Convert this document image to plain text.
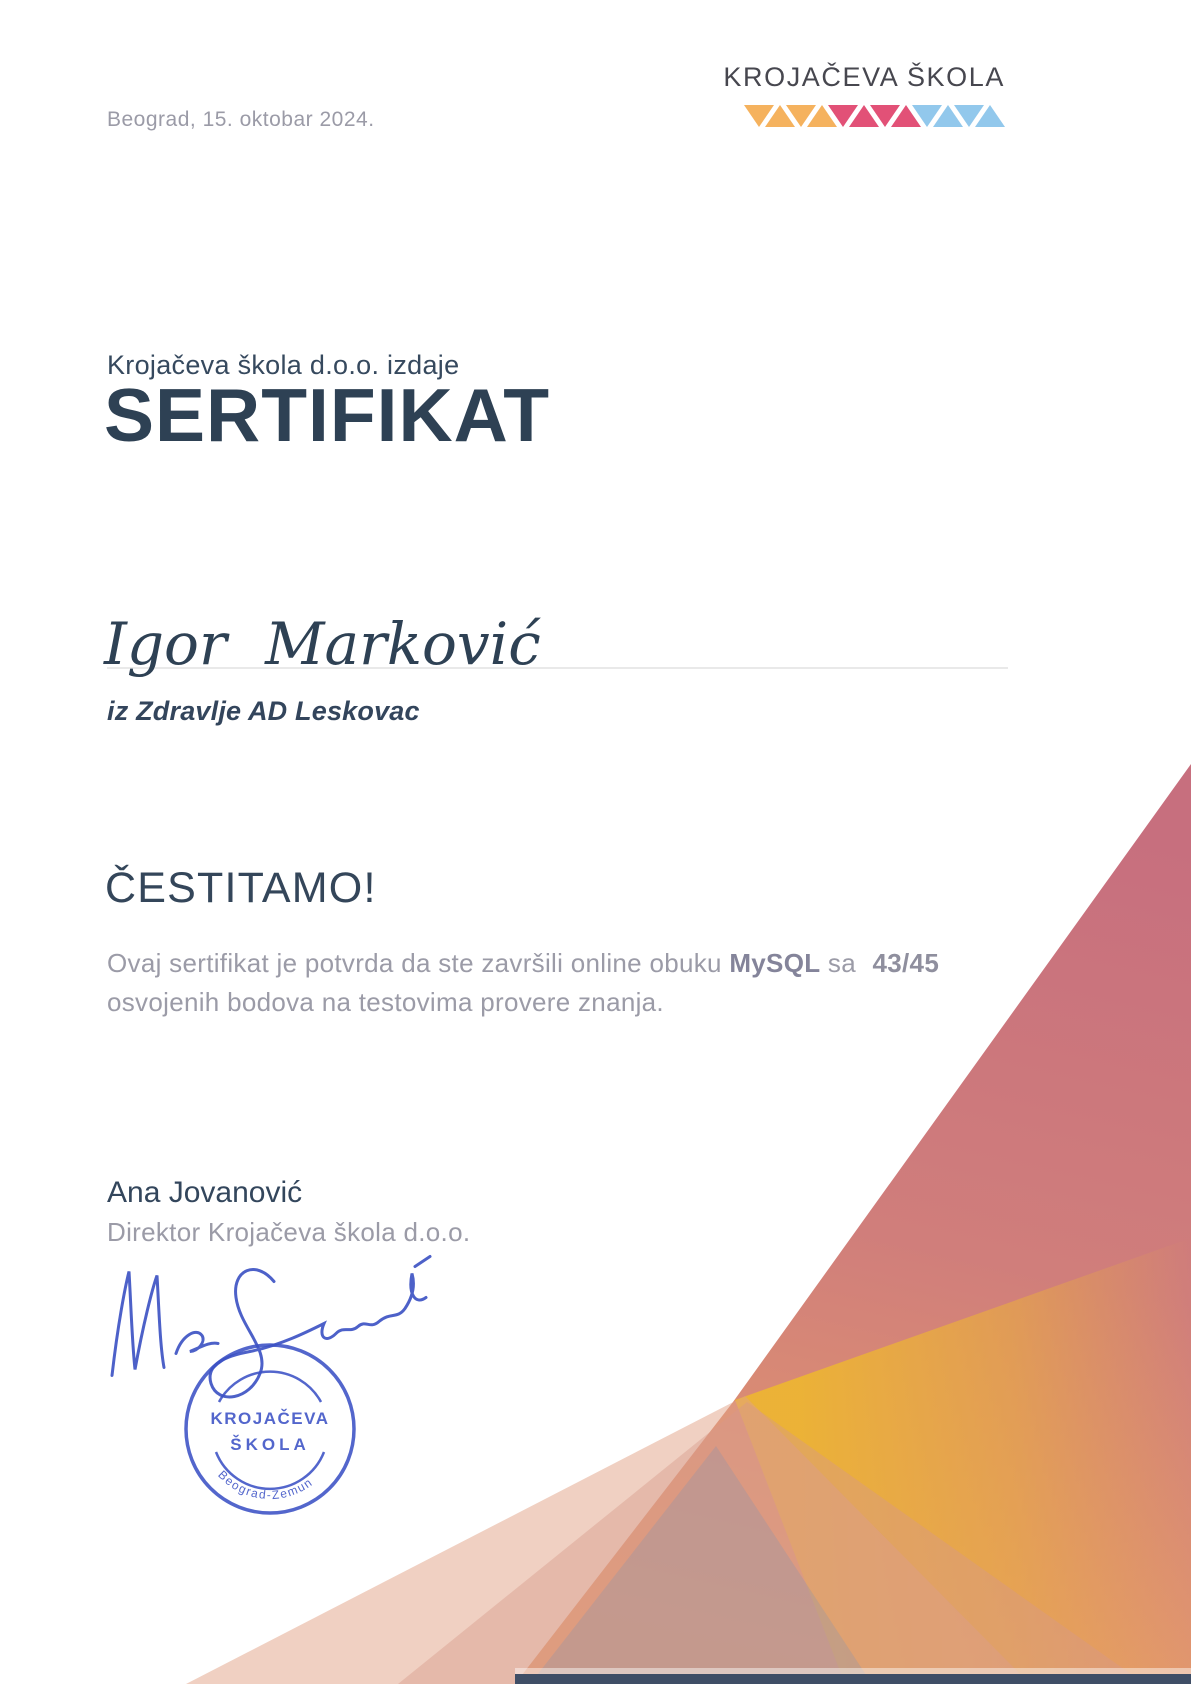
Beograd, 15. oktobar 2024.
KROJAČEVA ŠKOLA
Krojačeva škola d.o.o. izdaje
SERTIFIKAT
Igor Marković
iz Zdravlje AD Leskovac
ČESTITAMO!
Ovaj sertifikat je potvrda da ste završili online obuku MySQL sa 43/45 osvojenih bodova na testovima provere znanja.
Ana Jovanović
Direktor Krojačeva škola d.o.o.
KROJAČEVA
ŠKOLA
Beograd-Zemun
